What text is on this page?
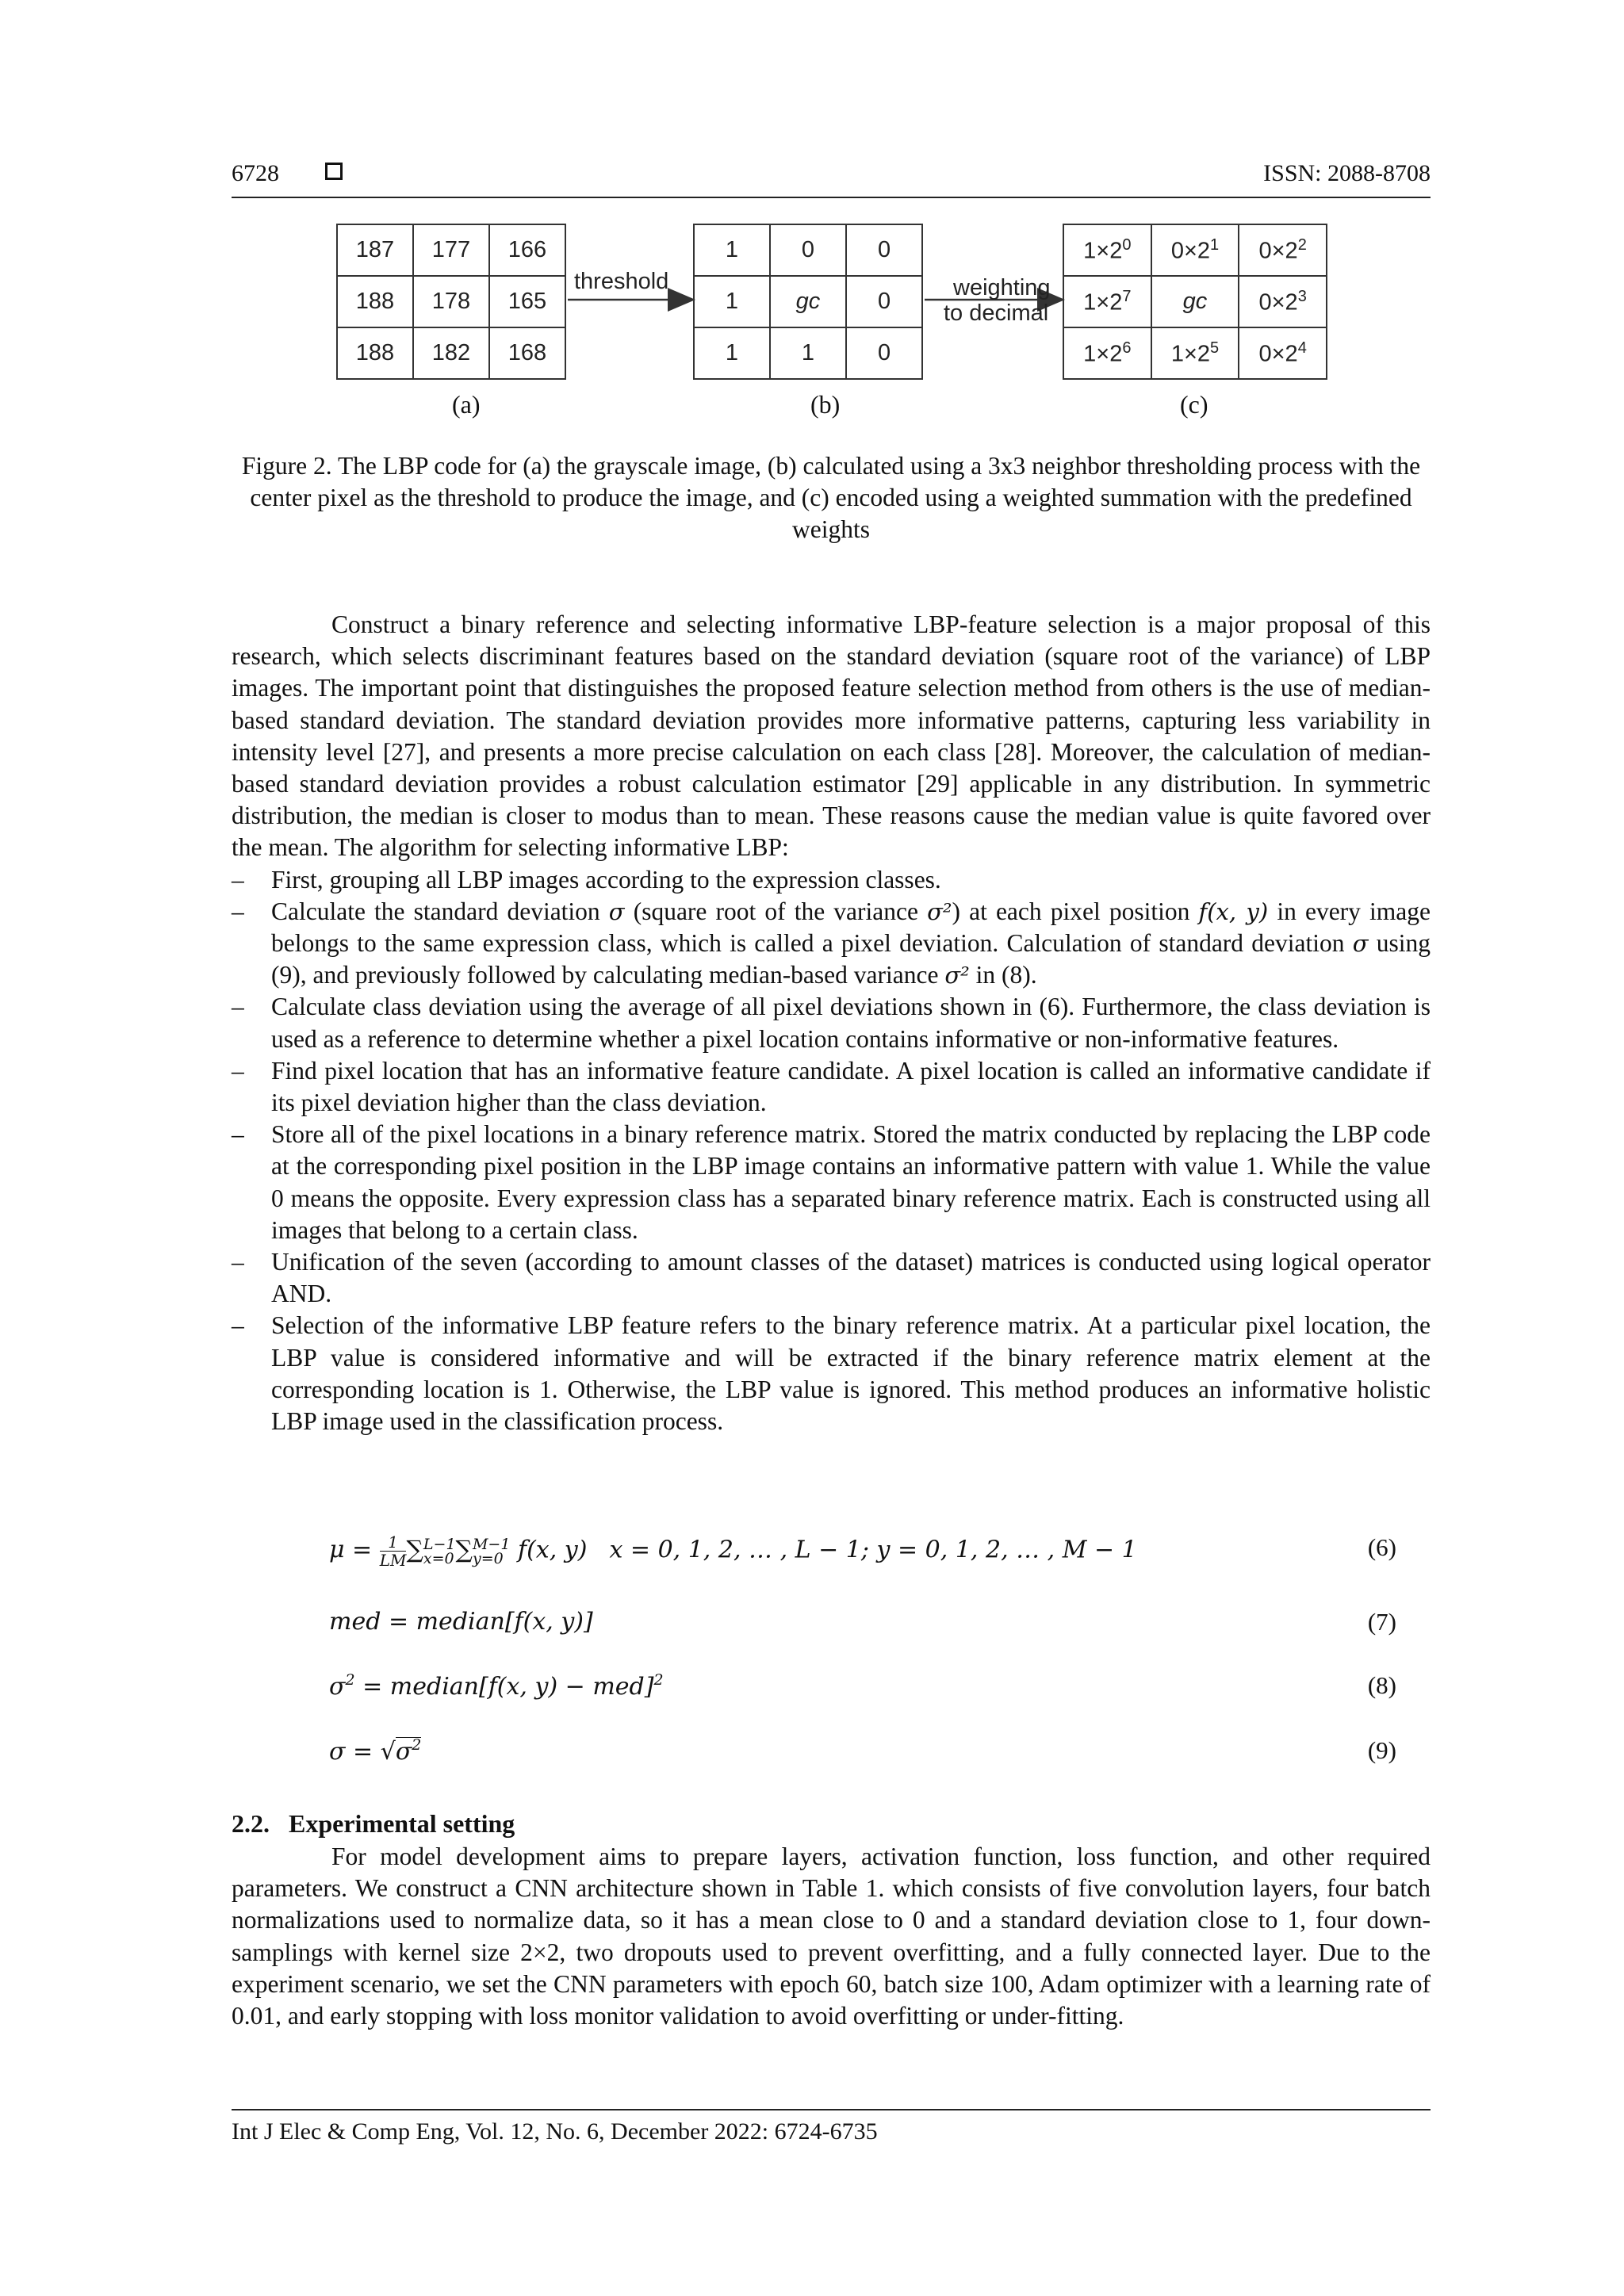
6728	ISSN: 2088-8708
187	177	166
188	178	165
188	182	168
1	0	0
1	gc	0
1	1	0
$1\times 2^0$	$0\times 2^1$	$0\times 2^2$
$1\times 2^7$	gc	$0\times 2^3$
$1\times 2^6$	$1\times 2^5$	$0\times 2^4$
threshold	weighting
to decimal
(a)	(b)	(c)
Figure 2. The LBP code for (a) the grayscale image, (b) calculated using a 3x3 neighbor thresholding process with the center pixel as the threshold to produce the image, and (c) encoded using a weighted summation with the predefined weights

Construct a binary reference and selecting informative LBP-feature selection is a major proposal of this research, which selects discriminant features based on the standard deviation (square root of the variance) of LBP images. The important point that distinguishes the proposed feature selection method from others is the use of median-based standard deviation. The standard deviation provides more informative patterns, capturing less variability in intensity level [27], and presents a more precise calculation on each class [28]. Moreover, the calculation of median-based standard deviation provides a robust calculation estimator [29] applicable in any distribution. In symmetric distribution, the median is closer to modus than to mean. These reasons cause the median value is quite favored over the mean. The algorithm for selecting informative LBP:

– First, grouping all LBP images according to the expression classes.
– Calculate the standard deviation σ (square root of the variance σ²) at each pixel position f(x, y) in every image belongs to the same expression class, which is called a pixel deviation. Calculation of standard deviation σ using (9), and previously followed by calculating median-based variance σ² in (8).
– Calculate class deviation using the average of all pixel deviations shown in (6). Furthermore, the class deviation is used as a reference to determine whether a pixel location contains informative or non-informative features.
– Find pixel location that has an informative feature candidate. A pixel location is called an informative candidate if its pixel deviation higher than the class deviation.
– Store all of the pixel locations in a binary reference matrix. Stored the matrix conducted by replacing the LBP code at the corresponding pixel position in the LBP image contains an informative pattern with value 1. While the value 0 means the opposite. Every expression class has a separated binary reference matrix. Each is constructed using all images that belong to a certain class.
– Unification of the seven (according to amount classes of the dataset) matrices is conducted using logical operator AND.
– Selection of the informative LBP feature refers to the binary reference matrix. At a particular pixel location, the LBP value is considered informative and will be extracted if the binary reference matrix element at the corresponding location is 1. Otherwise, the LBP value is ignored. This method produces an informative holistic LBP image used in the classification process.
$\mu = \frac{1}{LM}$ ∑ L−1
x=0 ∑ M−1
y=0 f(x, y) x = 0, 1, 2, … , L − 1; y = 0, 1, 2, … , M − 1	(6)
med = median[f(x, y)]	(7)
$\sigma^2$ = median[f(x, y) − med]$^2$	(8)
$\sigma = √\sigma^2$	(9)
2.2.   Experimental setting

For model development aims to prepare layers, activation function, loss function, and other required parameters. We construct a CNN architecture shown in Table 1. which consists of five convolution layers, four batch normalizations used to normalize data, so it has a mean close to 0 and a standard deviation close to 1, four down-samplings with kernel size 2×2, two dropouts used to prevent overfitting, and a fully connected layer. Due to the experiment scenario, we set the CNN parameters with epoch 60, batch size 100, Adam optimizer with a learning rate of 0.01, and early stopping with loss monitor validation to avoid overfitting or under-fitting.

Int J Elec & Comp Eng, Vol. 12, No. 6, December 2022: 6724-6735
